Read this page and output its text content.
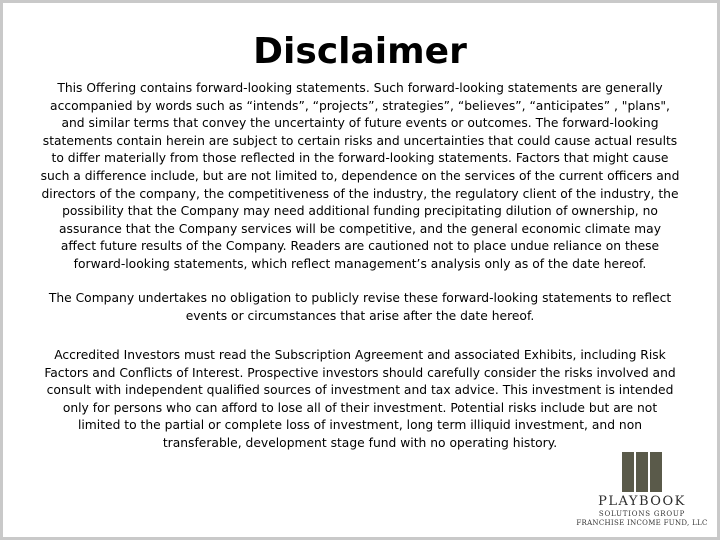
Disclaimer

This Offering contains forward-looking statements. Such forward-looking statements are generally accompanied by words such as “intends”, “projects”, strategies”, “believes”, “anticipates” , "plans", and similar terms that convey the uncertainty of future events or outcomes. The forward-looking statements contain herein are subject to certain risks and uncertainties that could cause actual results to differ materially from those reflected in the forward-looking statements. Factors that might cause such a difference include, but are not limited to, dependence on the services of the current officers and directors of the company, the competitiveness of the industry, the regulatory client of the industry, the possibility that the Company may need additional funding precipitating dilution of ownership, no assurance that the Company services will be competitive, and the general economic climate may affect future results of the Company. Readers are cautioned not to place undue reliance on these forward-looking statements, which reflect management’s analysis only as of the date hereof.

The Company undertakes no obligation to publicly revise these forward-looking statements to reflect events or circumstances that arise after the date hereof.

Accredited Investors must read the Subscription Agreement and associated Exhibits, including Risk Factors and Conflicts of Interest. Prospective investors should carefully consider the risks involved and consult with independent qualified sources of investment and tax advice. This investment is intended only for persons who can afford to lose all of their investment. Potential risks include but are not limited to the partial or complete loss of investment, long term illiquid investment, and non transferable, development stage fund with no operating history.

PLAYBOOK
SOLUTIONS GROUP
FRANCHISE INCOME FUND, LLC
